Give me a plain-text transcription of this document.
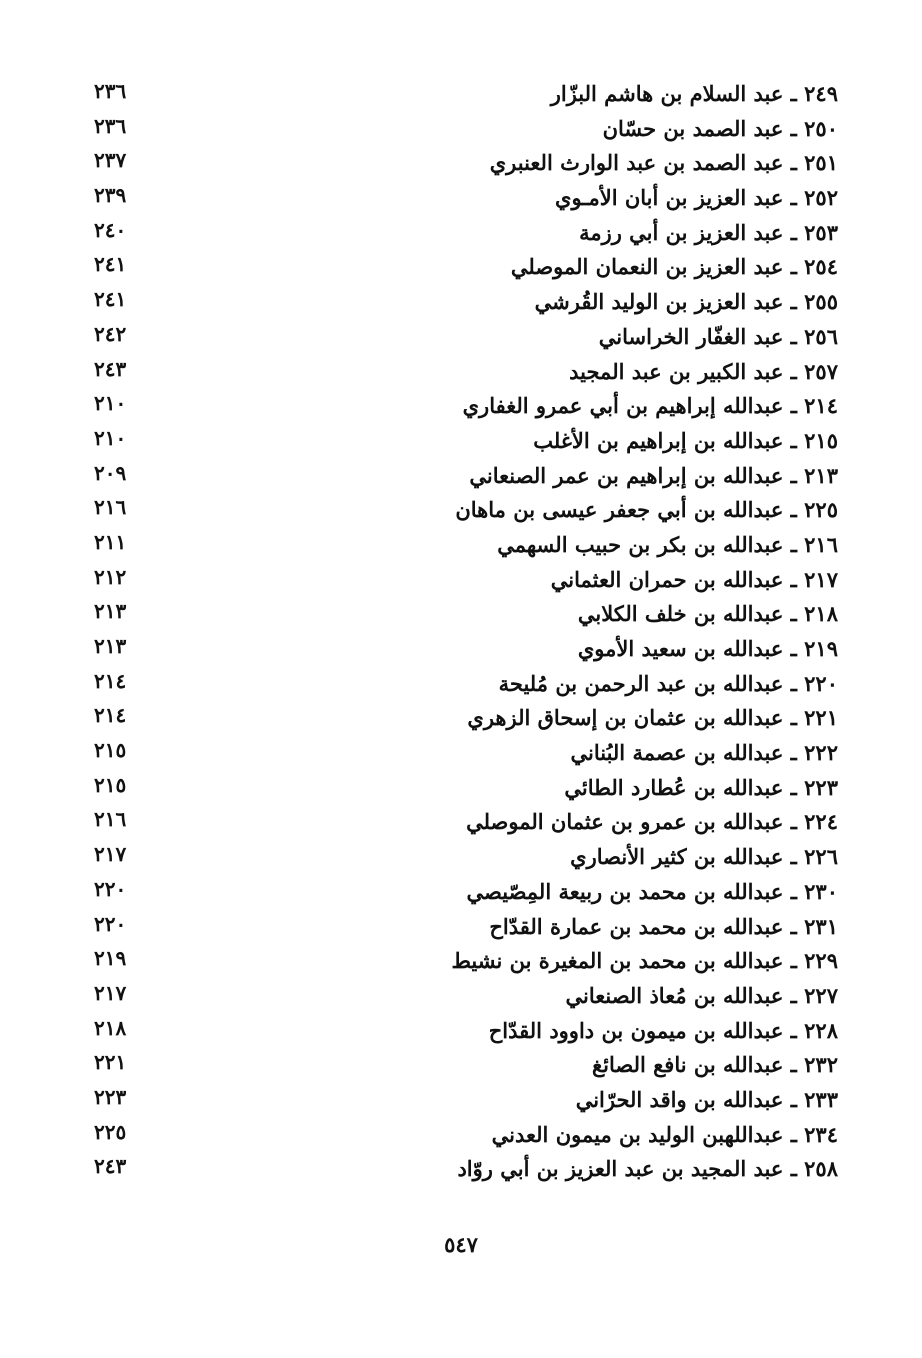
٢٤٩ ـ عبد السلام بن هاشم البزّار
٢٣٦
٢٥٠ ـ عبد الصمد بن حسّان
٢٣٦
٢٥١ ـ عبد الصمد بن عبد الوارث العنبري
٢٣٧
٢٥٢ ـ عبد العزيز بن أبان الأمـوي
٢٣٩
٢٥٣ ـ عبد العزيز بن أبي رزمة
٢٤٠
٢٥٤ ـ عبد العزيز بن النعمان الموصلي
٢٤١
٢٥٥ ـ عبد العزيز بن الوليد القُرشي
٢٤١
٢٥٦ ـ عبد الغفّار الخراساني
٢٤٢
٢٥٧ ـ عبد الكبير بن عبد المجيد
٢٤٣
٢١٤ ـ عبدالله إبراهيم بن أبي عمرو الغفاري
٢١٠
٢١٥ ـ عبدالله بن إبراهيم بن الأغلب
٢١٠
٢١٣ ـ عبدالله بن إبراهيم بن عمر الصنعاني
٢٠٩
٢٢٥ ـ عبدالله بن أبي جعفر عيسى بن ماهان
٢١٦
٢١٦ ـ عبدالله بن بكر بن حبيب السهمي
٢١١
٢١٧ ـ عبدالله بن حمران العثماني
٢١٢
٢١٨ ـ عبدالله بن خلف الكلابي
٢١٣
٢١٩ ـ عبدالله بن سعيد الأموي
٢١٣
٢٢٠ ـ عبدالله بن عبد الرحمن بن مُليحة
٢١٤
٢٢١ ـ عبدالله بن عثمان بن إسحاق الزهري
٢١٤
٢٢٢ ـ عبدالله بن عصمة البُناني
٢١٥
٢٢٣ ـ عبدالله بن عُطارد الطائي
٢١٥
٢٢٤ ـ عبدالله بن عمرو بن عثمان الموصلي
٢١٦
٢٢٦ ـ عبدالله بن كثير الأنصاري
٢١٧
٢٣٠ ـ عبدالله بن محمد بن ربيعة المِصّيصي
٢٢٠
٢٣١ ـ عبدالله بن محمد بن عمارة القدّاح
٢٢٠
٢٢٩ ـ عبدالله بن محمد بن المغيرة بن نشيط
٢١٩
٢٢٧ ـ عبدالله بن مُعاذ الصنعاني
٢١٧
٢٢٨ ـ عبدالله بن ميمون بن داوود القدّاح
٢١٨
٢٣٢ ـ عبدالله بن نافع الصائغ
٢٢١
٢٣٣ ـ عبدالله بن واقد الحرّاني
٢٢٣
٢٣٤ ـ عبداللهبن الوليد بن ميمون العدني
٢٢٥
٢٥٨ ـ عبد المجيد بن عبد العزيز بن أبي روّاد
٢٤٣
٥٤٧
